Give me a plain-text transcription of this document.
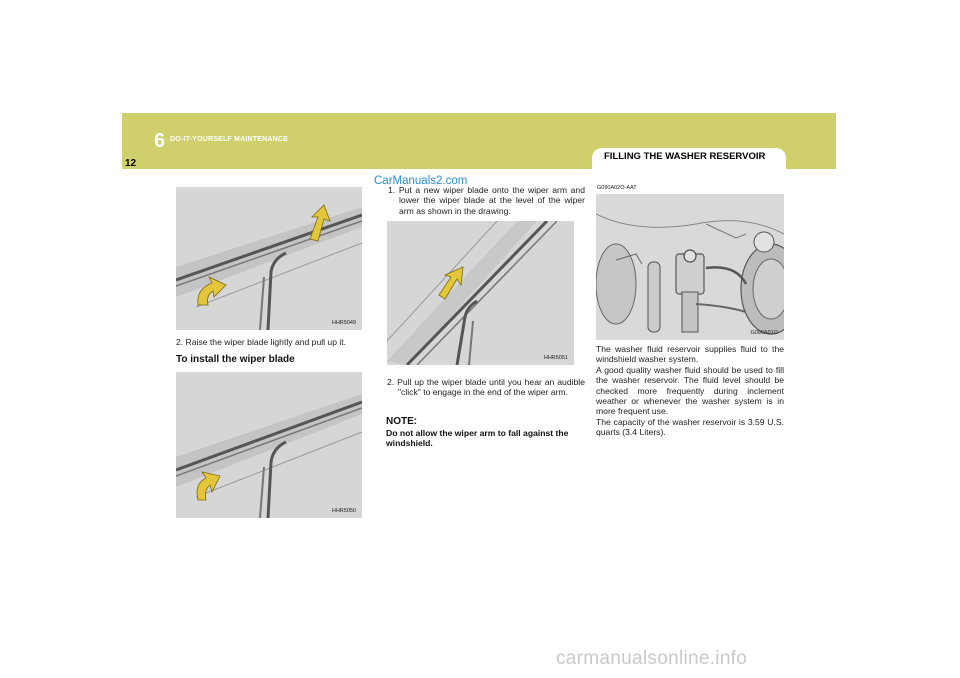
6 DO-IT-YOURSELF MAINTENANCE
12
FILLING THE WASHER RESERVOIR
CarManuals2.com
HHR5049
2. Raise the wiper blade lightly and pull up it.
To install the wiper blade
HHR5050
1. Put a new wiper blade onto the wiper arm and lower the wiper blade at the level of the wiper arm as shown in the drawing.
HHR5051
2. Pull up the wiper blade until you hear an audible "click" to engage in the end of the wiper arm.
NOTE:
Do not allow the wiper arm to fall against the windshield.
G090A02O-AAT
G090A01O
The washer fluid reservoir supplies fluid to the windshield washer system.
A good quality washer fluid should be used to fill the washer reservoir. The fluid level should be checked more frequently during inclement weather or whenever the washer system is in more frequent use.
The capacity of the washer reservoir is 3.59 U.S. quarts (3.4 Liters).
carmanualsonline.info
